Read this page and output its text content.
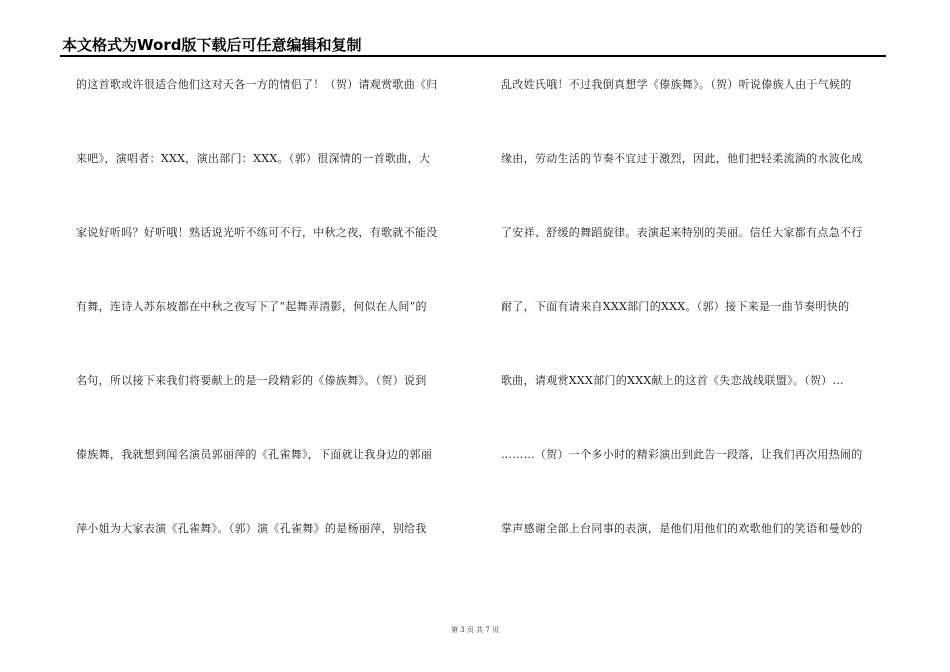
本文格式为Word版下载后可任意编辑和复制
的这首歌或许很适合他们这对天各一方的情侣了！（贺）请观赏歌曲《归
来吧》，演唱者：XXX，演出部门：XXX。（郭）很深情的一首歌曲，大
家说好听吗？好听哦！熟话说光听不练可不行，中秋之夜，有歌就不能没
有舞，连诗人苏东坡都在中秋之夜写下了“起舞弄清影，何似在人间”的
名句，所以接下来我们将要献上的是一段精彩的《傣族舞》。（贺）说到
傣族舞，我就想到闻名演员郭丽萍的《孔雀舞》，下面就让我身边的郭丽
萍小姐为大家表演《孔雀舞》。（郭）演《孔雀舞》的是杨丽萍，别给我
乱改姓氏哦！不过我倒真想学《傣族舞》。（贺）听说傣族人由于气候的
缘由，劳动生活的节奏不宜过于激烈，因此，他们把轻柔流淌的水波化成
了安祥、舒缓的舞蹈旋律。表演起来特别的美丽。信任大家都有点急不行
耐了，下面有请来自XXX部门的XXX。（郭）接下来是一曲节奏明快的
歌曲，请观赏XXX部门的XXX献上的这首《失恋战线联盟》。（贺）…
………（贺）一个多小时的精彩演出到此告一段落，让我们再次用热闹的
掌声感谢全部上台同事的表演，是他们用他们的欢歌他们的笑语和曼妙的
第 3 页 共 7 页
